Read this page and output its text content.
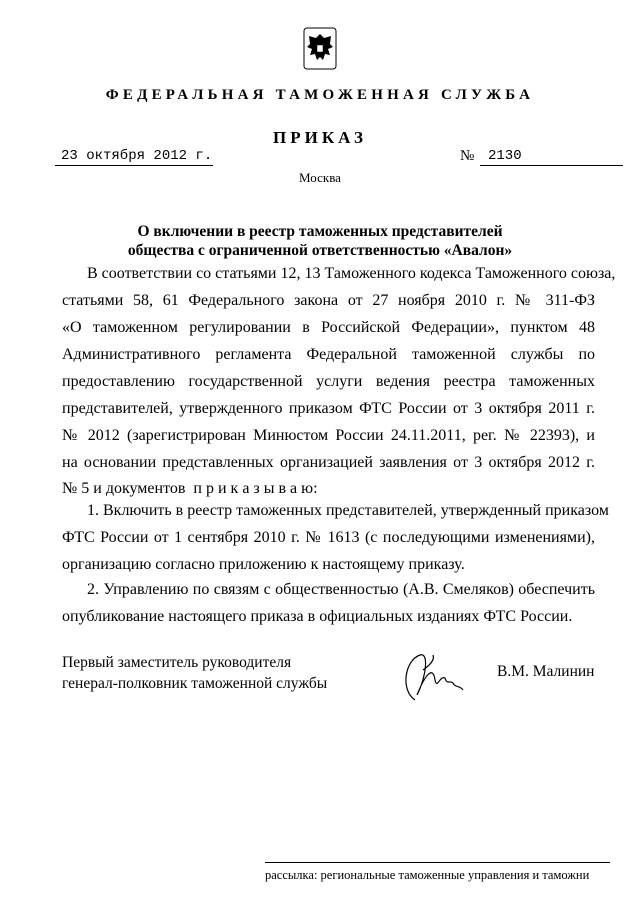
ФЕДЕРАЛЬНАЯ ТАМОЖЕННАЯ СЛУЖБА
ПРИКАЗ
23 октября 2012 г.	№ 2130
Москва
О включении в реестр таможенных представителей
общества с ограниченной ответственностью «Авалон»
В соответствии со статьями 12, 13 Таможенного кодекса Таможенного союза,
статьями 58, 61 Федерального закона от 27 ноября 2010 г. № 311-ФЗ
«О таможенном регулировании в Российской Федерации», пунктом 48
Административного регламента Федеральной таможенной службы по
предоставлению государственной услуги ведения реестра таможенных
представителей, утвержденного приказом ФТС России от 3 октября 2011 г.
№ 2012 (зарегистрирован Минюстом России 24.11.2011, рег. № 22393), и
на основании представленных организацией заявления от 3 октября 2012 г.
№ 5 и документов  п р и к а з ы в а ю:
1. Включить в реестр таможенных представителей, утвержденный приказом
ФТС России от 1 сентября 2010 г. № 1613 (с последующими изменениями),
организацию согласно приложению к настоящему приказу.
2. Управлению по связям с общественностью (А.В. Смеляков) обеспечить
опубликование настоящего приказа в официальных изданиях ФТС России.
Первый заместитель руководителя
генерал-полковник таможенной службы
В.М. Малинин
рассылка: региональные таможенные управления и таможни
